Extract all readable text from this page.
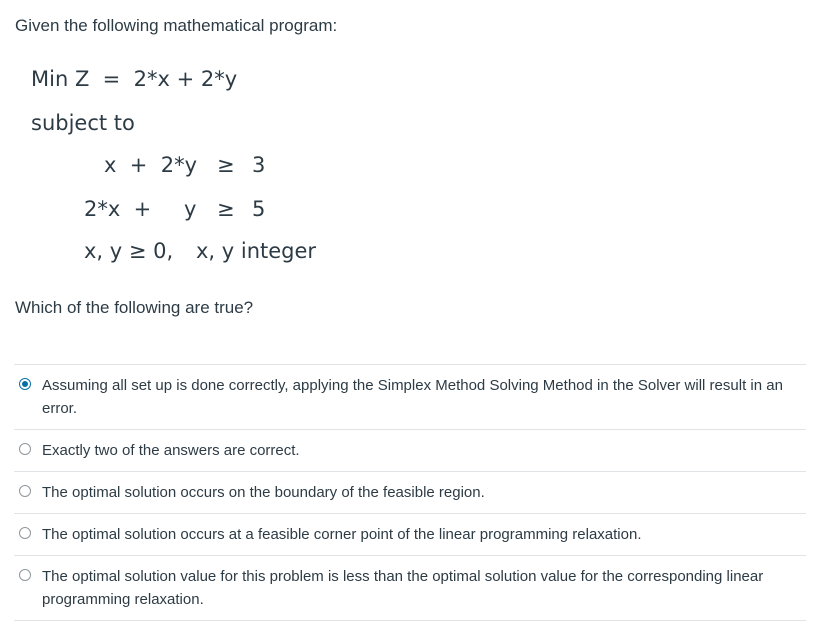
Given the following mathematical program:
Min Z  =  2*x + 2*y
subject to
x  +  2*y ≥ 3
2*x  + y ≥ 5
x, y ≥ 0, x, y integer
Which of the following are true?
Assuming all set up is done correctly, applying the Simplex Method Solving Method in the Solver will result in an error.
Exactly two of the answers are correct.
The optimal solution occurs on the boundary of the feasible region.
The optimal solution occurs at a feasible corner point of the linear programming relaxation.
The optimal solution value for this problem is less than the optimal solution value for the corresponding linear programming relaxation.
